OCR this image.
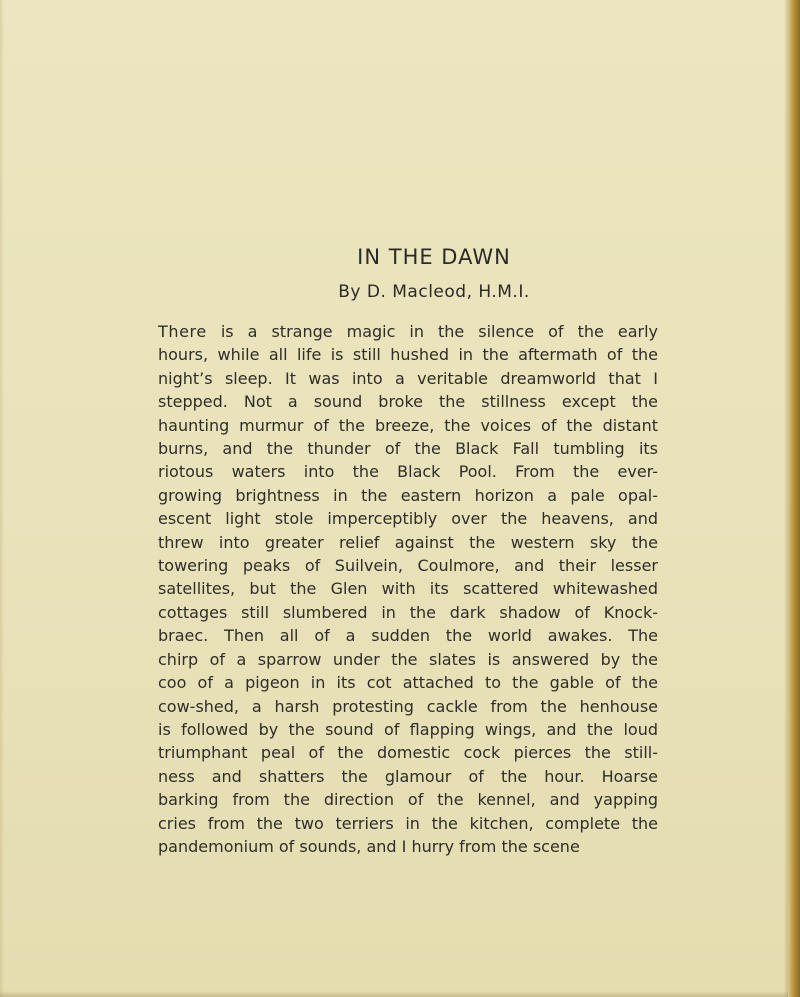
IN THE DAWN
By D. Macleod, H.M.I.
There is a strange magic in the silence of the early
hours, while all life is still hushed in the aftermath of the
night’s sleep. It was into a veritable dreamworld that I
stepped. Not a sound broke the stillness except the
haunting murmur of the breeze, the voices of the distant
burns, and the thunder of the Black Fall tumbling its
riotous waters into the Black Pool. From the ever-
growing brightness in the eastern horizon a pale opal-
escent light stole imperceptibly over the heavens, and
threw into greater relief against the western sky the
towering peaks of Suilvein, Coulmore, and their lesser
satellites, but the Glen with its scattered whitewashed
cottages still slumbered in the dark shadow of Knock-
braec. Then all of a sudden the world awakes. The
chirp of a sparrow under the slates is answered by the
coo of a pigeon in its cot attached to the gable of the
cow-shed, a harsh protesting cackle from the henhouse
is followed by the sound of flapping wings, and the loud
triumphant peal of the domestic cock pierces the still-
ness and shatters the glamour of the hour. Hoarse
barking from the direction of the kennel, and yapping
cries from the two terriers in the kitchen, complete the
pandemonium of sounds, and I hurry from the scene
